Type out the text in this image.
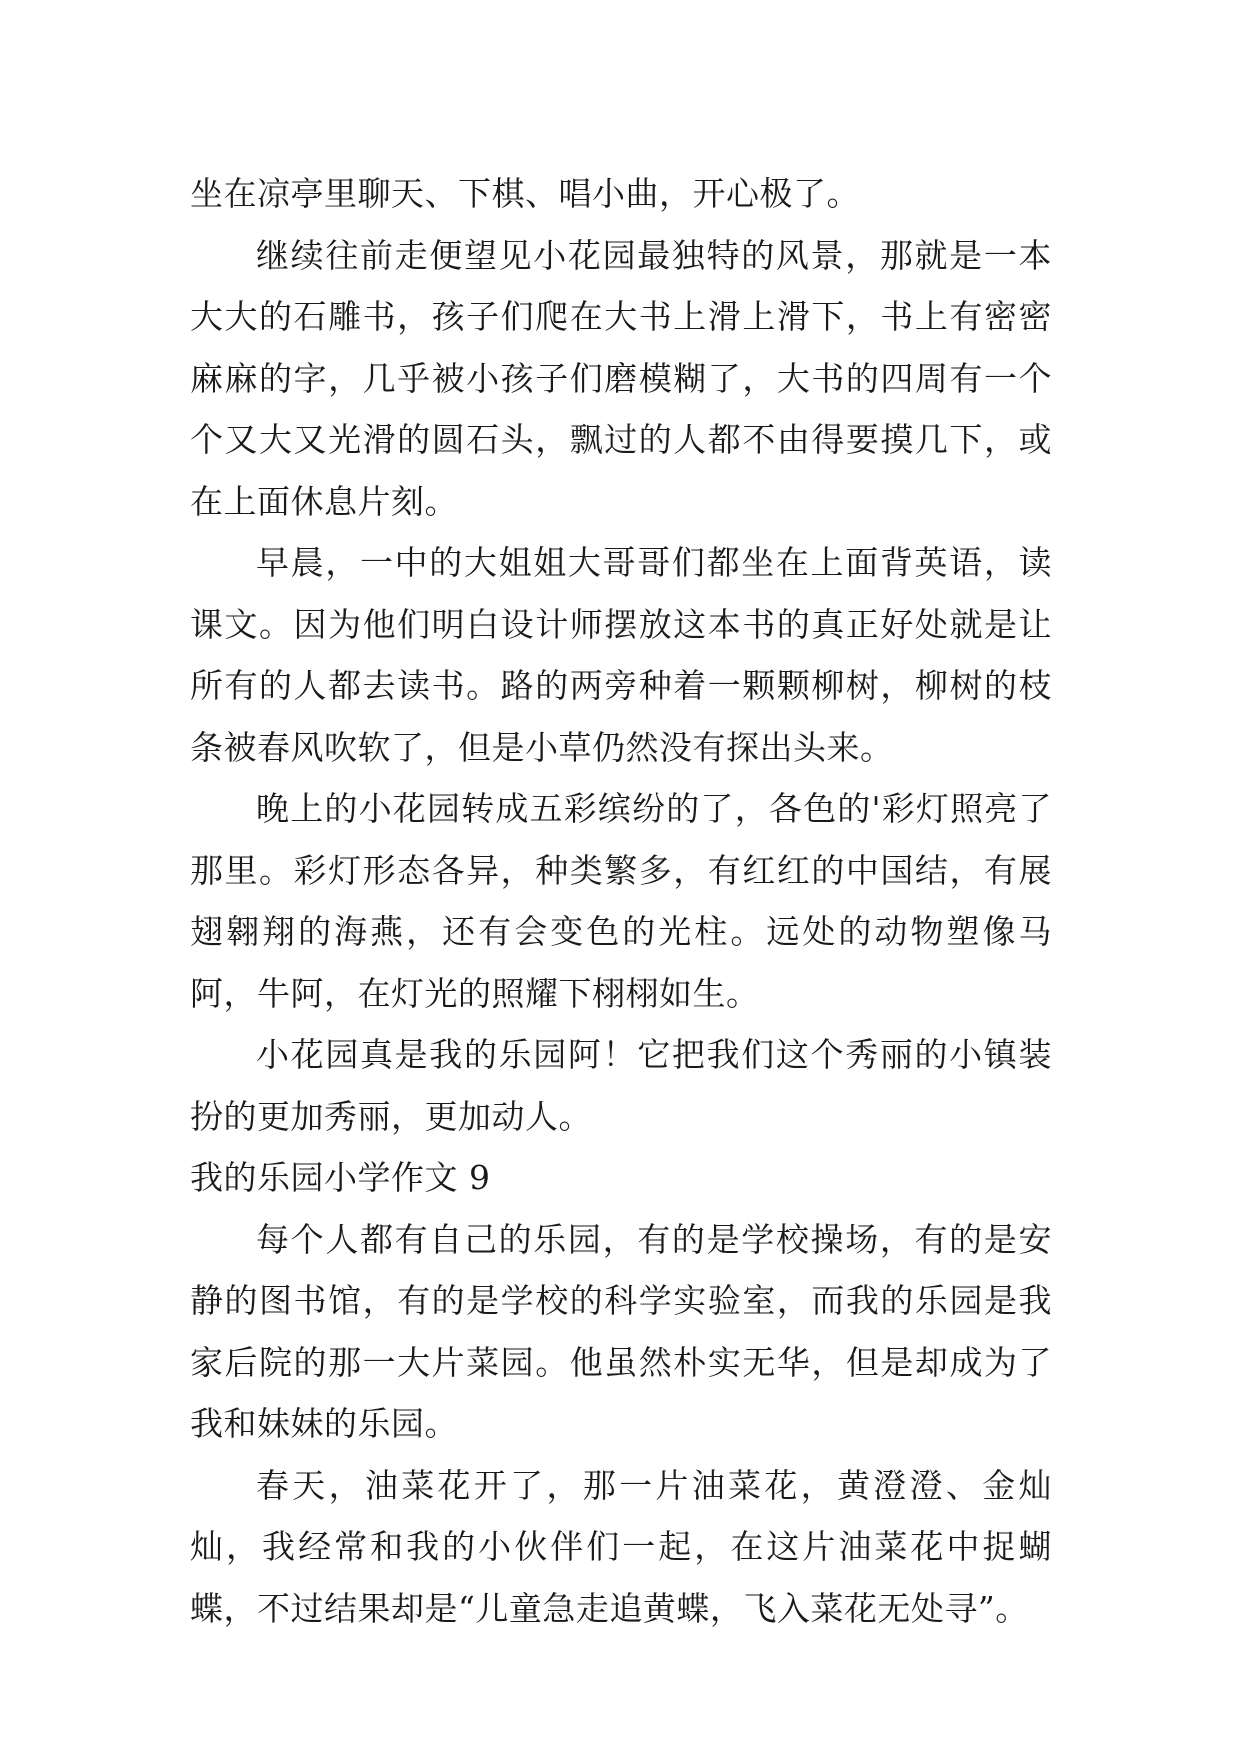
坐在凉亭里聊天、下棋、唱小曲，开心极了。

继续往前走便望见小花园最独特的风景，那就是一本大大的石雕书，孩子们爬在大书上滑上滑下，书上有密密麻麻的字，几乎被小孩子们磨模糊了，大书的四周有一个个又大又光滑的圆石头，飘过的人都不由得要摸几下，或在上面休息片刻。

早晨，一中的大姐姐大哥哥们都坐在上面背英语，读课文。因为他们明白设计师摆放这本书的真正好处就是让所有的人都去读书。路的两旁种着一颗颗柳树，柳树的枝条被春风吹软了，但是小草仍然没有探出头来。

晚上的小花园转成五彩缤纷的了，各色的'彩灯照亮了那里。彩灯形态各异，种类繁多，有红红的中国结，有展翅翱翔的海燕，还有会变色的光柱。远处的动物塑像马阿，牛阿，在灯光的照耀下栩栩如生。

小花园真是我的乐园阿！它把我们这个秀丽的小镇装扮的更加秀丽，更加动人。

我的乐园小学作文 9

每个人都有自己的乐园，有的是学校操场，有的是安静的图书馆，有的是学校的科学实验室，而我的乐园是我家后院的那一大片菜园。他虽然朴实无华，但是却成为了我和妹妹的乐园。

春天，油菜花开了，那一片油菜花，黄澄澄、金灿灿，我经常和我的小伙伴们一起，在这片油菜花中捉蝴蝶，不过结果却是“儿童急走追黄蝶，飞入菜花无处寻”。
